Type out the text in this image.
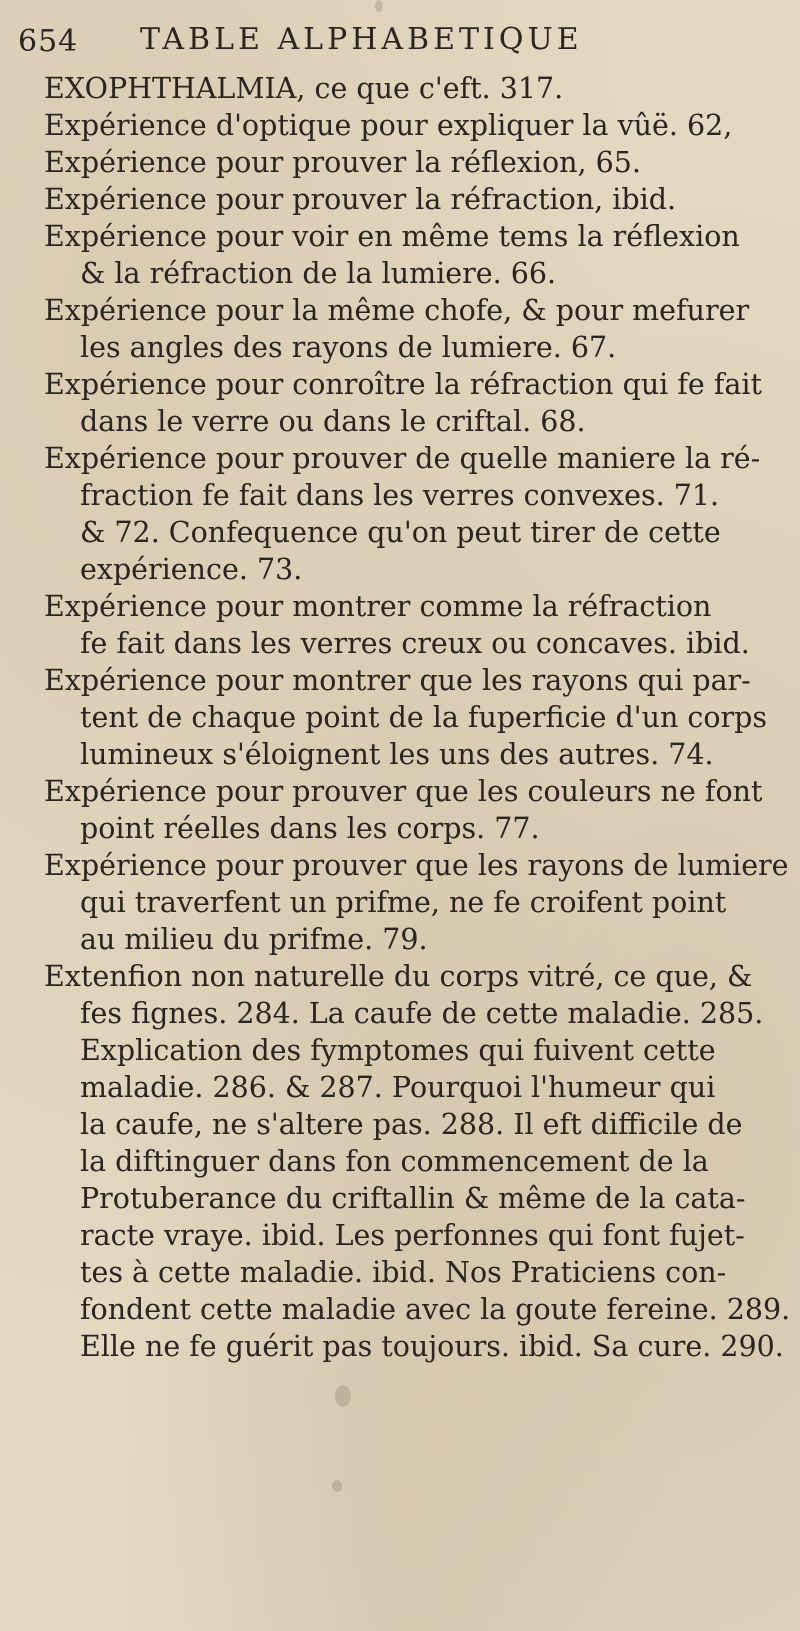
654 TABLE ALPHABETIQUE
EXOPHTHALMIA, ce que c'eft. 317.
Expérience d'optique pour expliquer la vûë. 62,
Expérience pour prouver la réflexion, 65.
Expérience pour prouver la réfraction, ibid.
Expérience pour voir en même tems la réflexion
& la réfraction de la lumiere. 66.
Expérience pour la même chofe, & pour mefurer
les angles des rayons de lumiere. 67.
Expérience pour conroître la réfraction qui fe fait
dans le verre ou dans le criftal. 68.
Expérience pour prouver de quelle maniere la ré-
fraction fe fait dans les verres convexes. 71.
& 72. Confequence qu'on peut tirer de cette
expérience. 73.
Expérience pour montrer comme la réfraction
fe fait dans les verres creux ou concaves. ibid.
Expérience pour montrer que les rayons qui par-
tent de chaque point de la fuperficie d'un corps
lumineux s'éloignent les uns des autres. 74.
Expérience pour prouver que les couleurs ne font
point réelles dans les corps. 77.
Expérience pour prouver que les rayons de lumiere
qui traverfent un prifme, ne fe croifent point
au milieu du prifme. 79.
Extenfion non naturelle du corps vitré, ce que, &
fes fignes. 284. La caufe de cette maladie. 285.
Explication des fymptomes qui fuivent cette
maladie. 286. & 287. Pourquoi l'humeur qui
la caufe, ne s'altere pas. 288. Il eft difficile de
la diftinguer dans fon commencement de la
Protuberance du criftallin & même de la cata-
racte vraye. ibid. Les perfonnes qui font fujet-
tes à cette maladie. ibid. Nos Praticiens con-
fondent cette maladie avec la goute fereine. 289.
Elle ne fe guérit pas toujours. ibid. Sa cure. 290.
